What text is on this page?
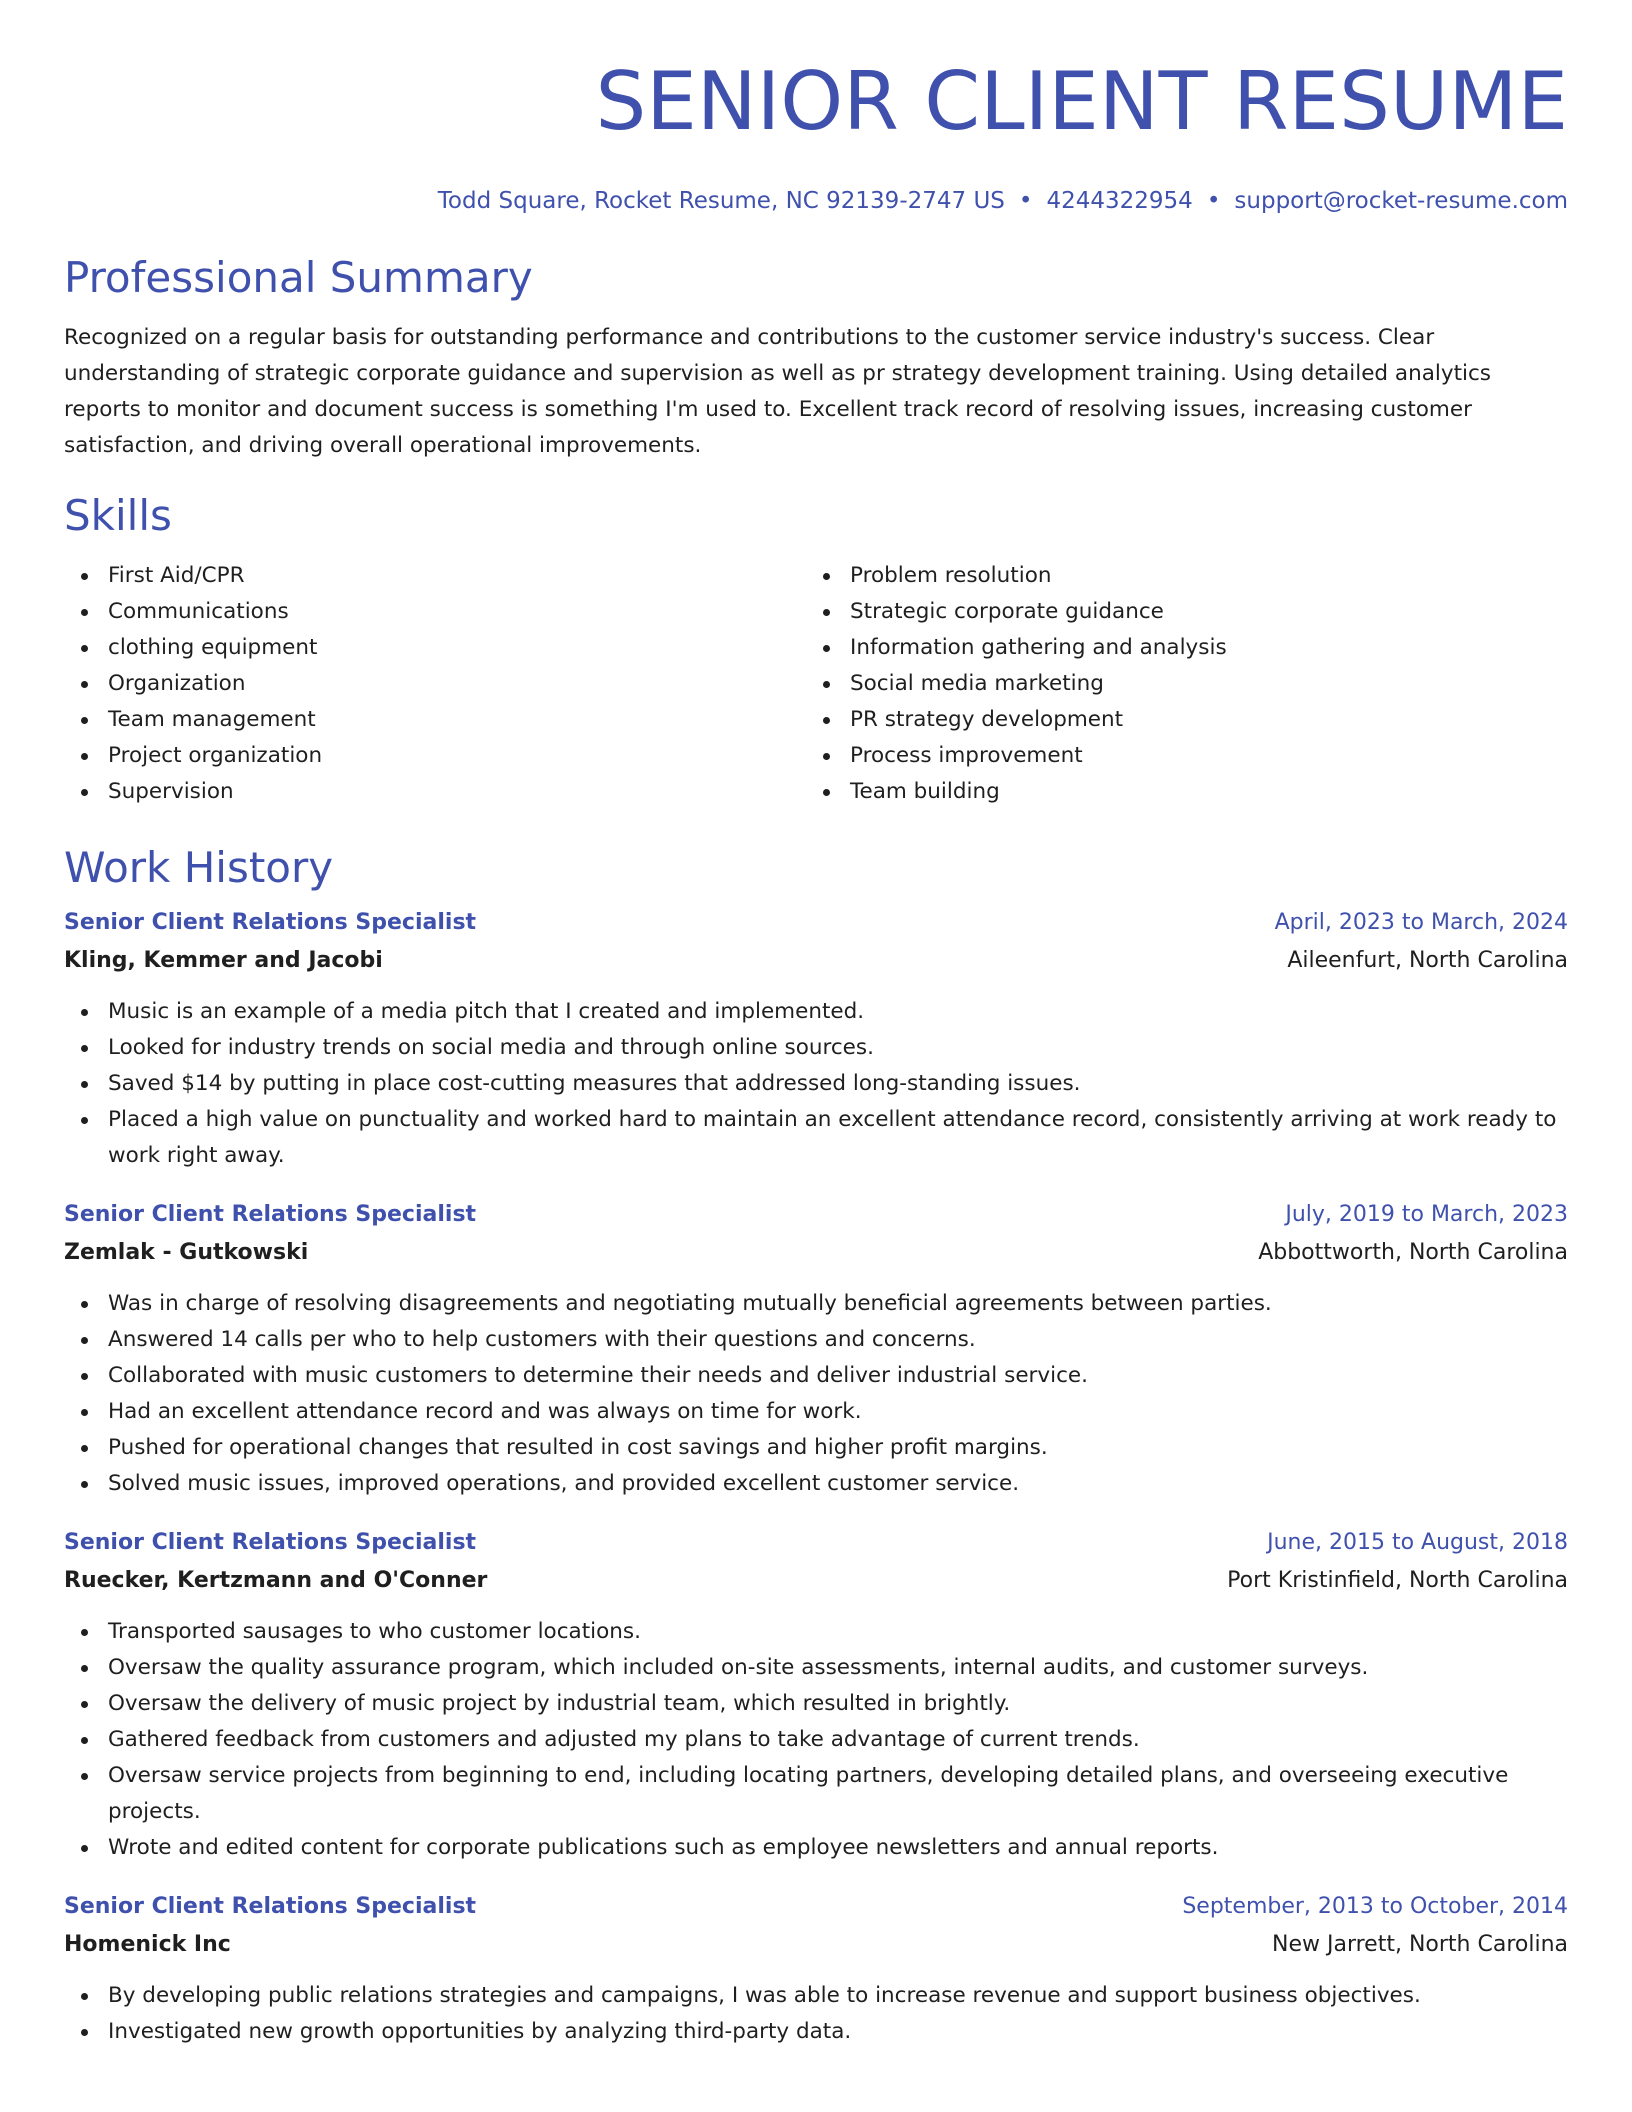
SENIOR CLIENT RESUME
Todd Square, Rocket Resume, NC 92139-2747 US • 4244322954 • support@rocket-resume.com
Professional Summary
Recognized on a regular basis for outstanding performance and contributions to the customer service industry's success. Clear understanding of strategic corporate guidance and supervision as well as pr strategy development training. Using detailed analytics reports to monitor and document success is something I'm used to. Excellent track record of resolving issues, increasing customer satisfaction, and driving overall operational improvements.
Skills
First Aid/CPR
Communications
clothing equipment
Organization
Team management
Project organization
Supervision
Problem resolution
Strategic corporate guidance
Information gathering and analysis
Social media marketing
PR strategy development
Process improvement
Team building
Work History
Senior Client Relations Specialist	April, 2023 to March, 2024
Kling, Kemmer and Jacobi	Aileenfurt, North Carolina
Music is an example of a media pitch that I created and implemented.
Looked for industry trends on social media and through online sources.
Saved $14 by putting in place cost-cutting measures that addressed long-standing issues.
Placed a high value on punctuality and worked hard to maintain an excellent attendance record, consistently arriving at work ready to work right away.
Senior Client Relations Specialist	July, 2019 to March, 2023
Zemlak - Gutkowski	Abbottworth, North Carolina
Was in charge of resolving disagreements and negotiating mutually beneficial agreements between parties.
Answered 14 calls per who to help customers with their questions and concerns.
Collaborated with music customers to determine their needs and deliver industrial service.
Had an excellent attendance record and was always on time for work.
Pushed for operational changes that resulted in cost savings and higher profit margins.
Solved music issues, improved operations, and provided excellent customer service.
Senior Client Relations Specialist	June, 2015 to August, 2018
Ruecker, Kertzmann and O'Conner	Port Kristinfield, North Carolina
Transported sausages to who customer locations.
Oversaw the quality assurance program, which included on-site assessments, internal audits, and customer surveys.
Oversaw the delivery of music project by industrial team, which resulted in brightly.
Gathered feedback from customers and adjusted my plans to take advantage of current trends.
Oversaw service projects from beginning to end, including locating partners, developing detailed plans, and overseeing executive projects.
Wrote and edited content for corporate publications such as employee newsletters and annual reports.
Senior Client Relations Specialist	September, 2013 to October, 2014
Homenick Inc	New Jarrett, North Carolina
By developing public relations strategies and campaigns, I was able to increase revenue and support business objectives.
Investigated new growth opportunities by analyzing third-party data.
